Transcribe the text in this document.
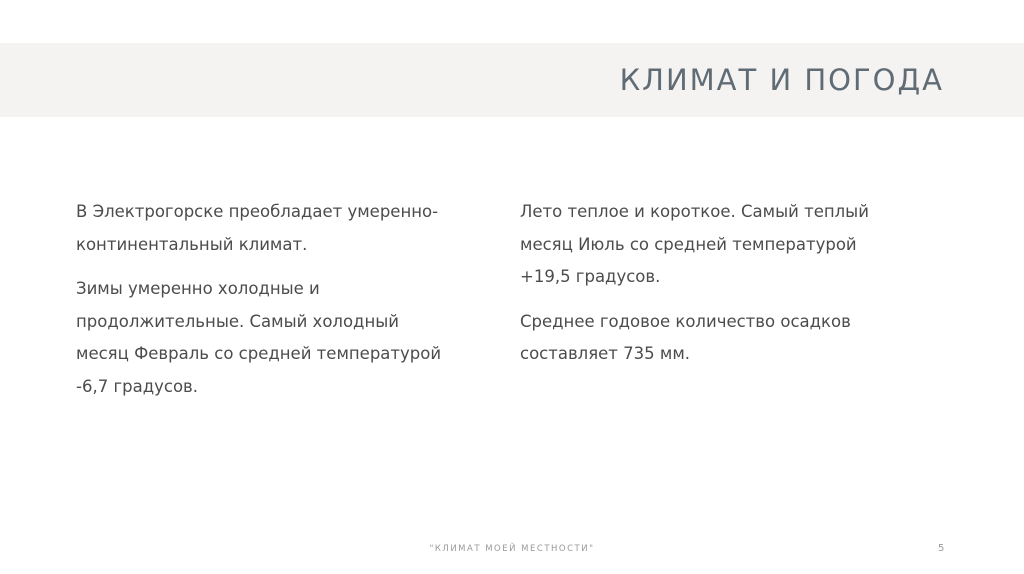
КЛИМАТ И ПОГОДА
В Электрогорске преобладает умеренно-
континентальный климат.
Зимы умеренно холодные и
продолжительные. Самый холодный
месяц Февраль со средней температурой
-6,7 градусов.
Лето теплое и короткое. Самый теплый
месяц Июль со средней температурой
+19,5 градусов.
Среднее годовое количество осадков
составляет 735 мм.
"КЛИМАТ МОЕЙ МЕСТНОСТИ"	5
